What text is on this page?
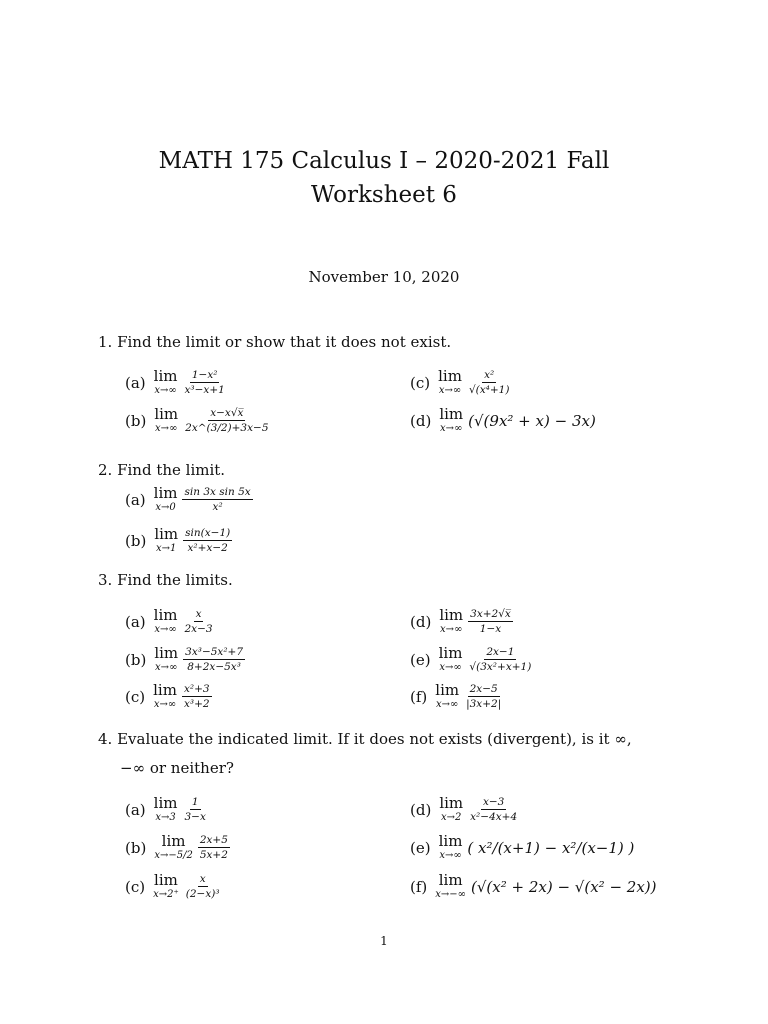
MATH 175 Calculus I – 2020-2021 Fall
Worksheet 6
November 10, 2020
1. Find the limit or show that it does not exist.
2. Find the limit.
3. Find the limits.
4. Evaluate the indicated limit. If it does not exists (divergent), is it ∞,
−∞ or neither?
(a) lim
$x\to\infty \frac{\text{1−x²}}{\text{x³−x+1}}$
(b) lim
$x\to\infty \frac{x-x√x̅}{2x\^{}(3/2)+3x-5}$
(c) lim
$x\to\infty \frac{\text{x²}}{\text{√(x⁴+1)}}$
(d) lim
x→∞ (√(9x² + x) − 3x)
(a) lim
$x\to 0 \frac{\text{sin 3x sin 5x}}{\text{x²}}$
(b) lim
$x\to 1 \frac{\sin(x-1)}{\text{x²+x−2}}$
(a) lim
$x\to\infty \frac{x}{2x-3}$
(b) lim
$x\to\infty \frac{\text{3x³−5x²+7}}{\text{8+2x−5x³}}$
(c) lim
$x\to\infty \frac{\text{x²+3}}{\text{x³+2}}$
(d) lim
$x\to\infty \frac{3x+2√x̅}{1-x}$
(e) lim
$x\to\infty \frac{2x-1}{\text{√(3x²+x+1)}}$
(f) lim
$x\to\infty \frac{2x-5}{|3x+2|}$
(a) lim
$x\to 3 \frac{1}{3-x}$
(b) lim
$x\to-5/2 \frac{2x+5}{5x+2}$
(c) lim
$x\to 2^+ \frac{x}{\text{(2−x)³}}$
(d) lim
$x\to 2 \frac{x-3}{\text{x²−4x+4}}$
(e) lim
x→∞ ( x²/(x+1) − x²/(x−1) )
(f) lim
x→−∞ (√(x² + 2x) − √(x² − 2x))
1
